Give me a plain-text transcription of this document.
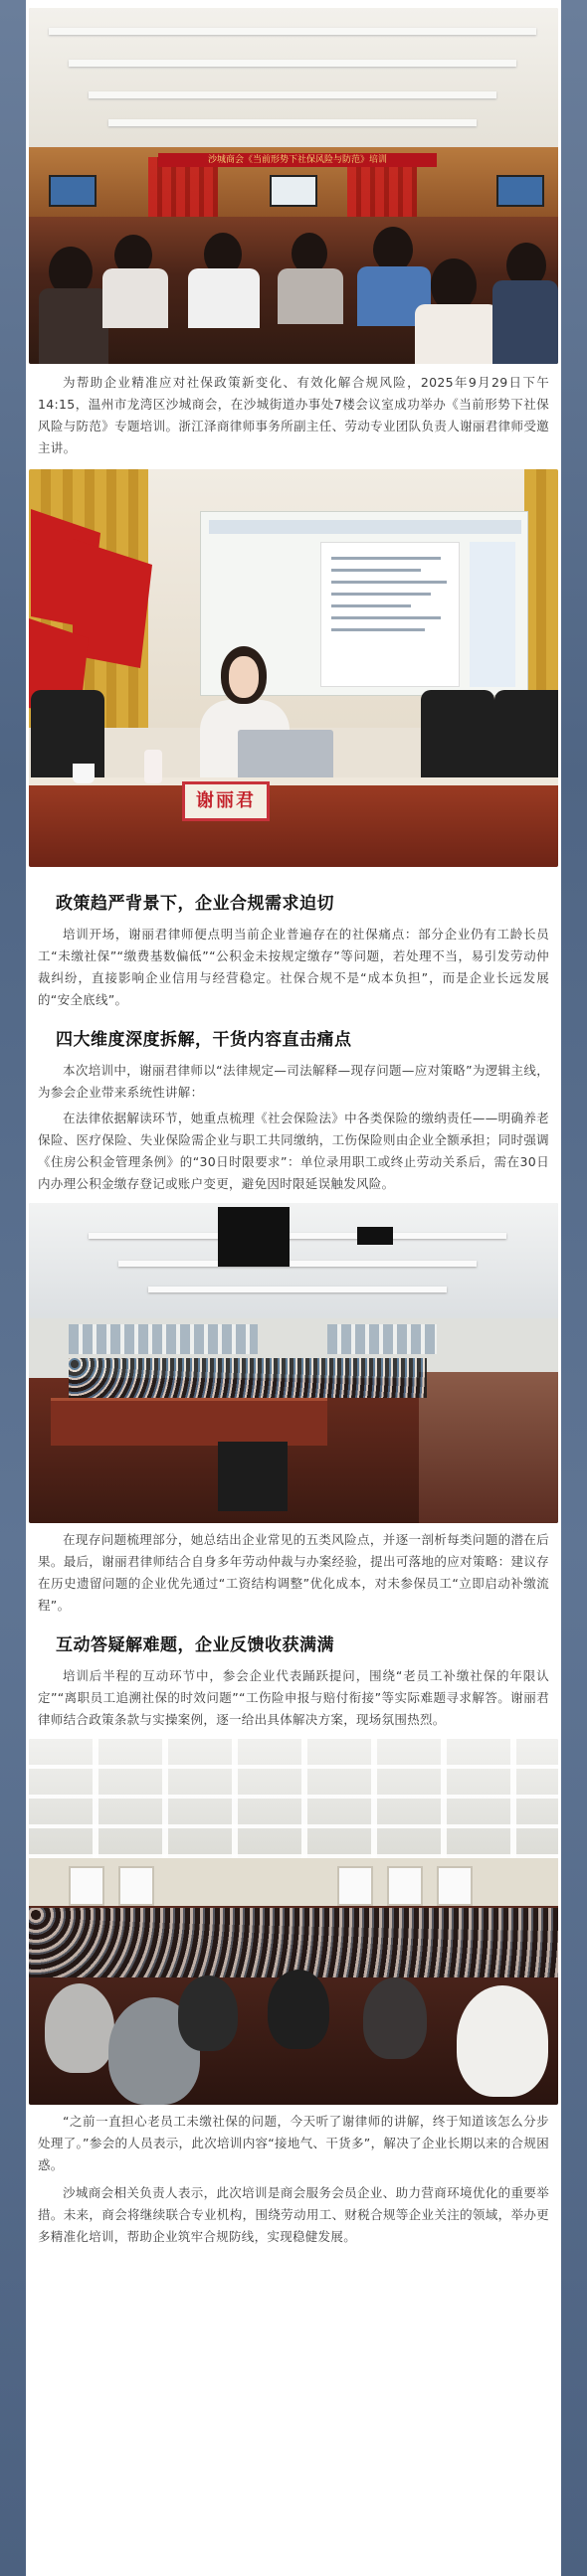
沙城商会《当前形势下社保风险与防范》培训

为帮助企业精准应对社保政策新变化、有效化解合规风险，2025年9月29日下午14:15，温州市龙湾区沙城商会，在沙城街道办事处7楼会议室成功举办《当前形势下社保风险与防范》专题培训。浙江泽商律师事务所副主任、劳动专业团队负责人谢丽君律师受邀主讲。

谢丽君
政策趋严背景下，企业合规需求迫切

培训开场，谢丽君律师便点明当前企业普遍存在的社保痛点：部分企业仍有工龄长员工“未缴社保”“缴费基数偏低”“公积金未按规定缴存”等问题，若处理不当，易引发劳动仲裁纠纷，直接影响企业信用与经营稳定。社保合规不是“成本负担”，而是企业长远发展的“安全底线”。

四大维度深度拆解，干货内容直击痛点

本次培训中，谢丽君律师以“法律规定—司法解释—现存问题—应对策略”为逻辑主线，为参会企业带来系统性讲解：

在法律依据解读环节，她重点梳理《社会保险法》中各类保险的缴纳责任——明确养老保险、医疗保险、失业保险需企业与职工共同缴纳，工伤保险则由企业全额承担；同时强调《住房公积金管理条例》的“30日时限要求”：单位录用职工或终止劳动关系后，需在30日内办理公积金缴存登记或账户变更，避免因时限延误触发风险。

在现存问题梳理部分，她总结出企业常见的五类风险点，并逐一剖析每类问题的潜在后果。最后，谢丽君律师结合自身多年劳动仲裁与办案经验，提出可落地的应对策略：建议存在历史遗留问题的企业优先通过“工资结构调整”优化成本，对未参保员工“立即启动补缴流程”。

互动答疑解难题，企业反馈收获满满

培训后半程的互动环节中，参会企业代表踊跃提问，围绕“老员工补缴社保的年限认定”“离职员工追溯社保的时效问题”“工伤险申报与赔付衔接”等实际难题寻求解答。谢丽君律师结合政策条款与实操案例，逐一给出具体解决方案，现场氛围热烈。

“之前一直担心老员工未缴社保的问题，今天听了谢律师的讲解，终于知道该怎么分步处理了。”参会的人员表示，此次培训内容“接地气、干货多”，解决了企业长期以来的合规困惑。

沙城商会相关负责人表示，此次培训是商会服务会员企业、助力营商环境优化的重要举措。未来，商会将继续联合专业机构，围绕劳动用工、财税合规等企业关注的领域，举办更多精准化培训，帮助企业筑牢合规防线，实现稳健发展。
